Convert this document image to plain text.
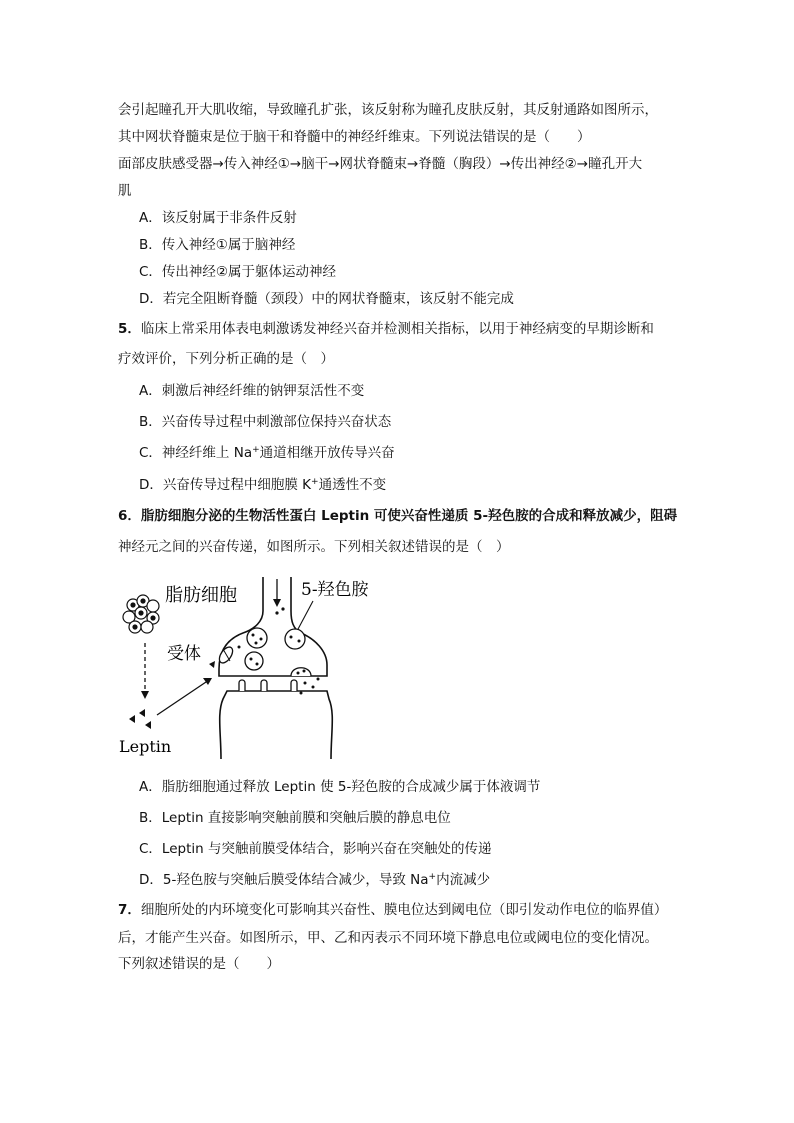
会引起瞳孔开大肌收缩，导致瞳孔扩张，该反射称为瞳孔皮肤反射，其反射通路如图所示，
其中网状脊髓束是位于脑干和脊髓中的神经纤维束。下列说法错误的是（　　）
面部皮肤感受器→传入神经①→脑干→网状脊髓束→脊髓（胸段）→传出神经②→瞳孔开大
肌
A．该反射属于非条件反射
B．传入神经①属于脑神经
C．传出神经②属于躯体运动神经
D．若完全阻断脊髓（颈段）中的网状脊髓束，该反射不能完成
5．临床上常采用体表电刺激诱发神经兴奋并检测相关指标，以用于神经病变的早期诊断和
疗效评价，下列分析正确的是（　）
A．刺激后神经纤维的钠钾泵活性不变
B．兴奋传导过程中刺激部位保持兴奋状态
C．神经纤维上 Na+通道相继开放传导兴奋
D．兴奋传导过程中细胞膜 K+通透性不变
6．脂肪细胞分泌的生物活性蛋白 Leptin 可使兴奋性递质 5-羟色胺的合成和释放减少，阻碍
神经元之间的兴奋传递，如图所示。下列相关叙述错误的是（　）
脂肪细胞
Leptin
受体
5-羟色胺
A．脂肪细胞通过释放 Leptin 使 5-羟色胺的合成减少属于体液调节
B．Leptin 直接影响突触前膜和突触后膜的静息电位
C．Leptin 与突触前膜受体结合，影响兴奋在突触处的传递
D．5-羟色胺与突触后膜受体结合减少，导致 Na+内流减少
7．细胞所处的内环境变化可影响其兴奋性、膜电位达到阈电位（即引发动作电位的临界值）
后，才能产生兴奋。如图所示，甲、乙和丙表示不同环境下静息电位或阈电位的变化情况。
下列叙述错误的是（　　）
